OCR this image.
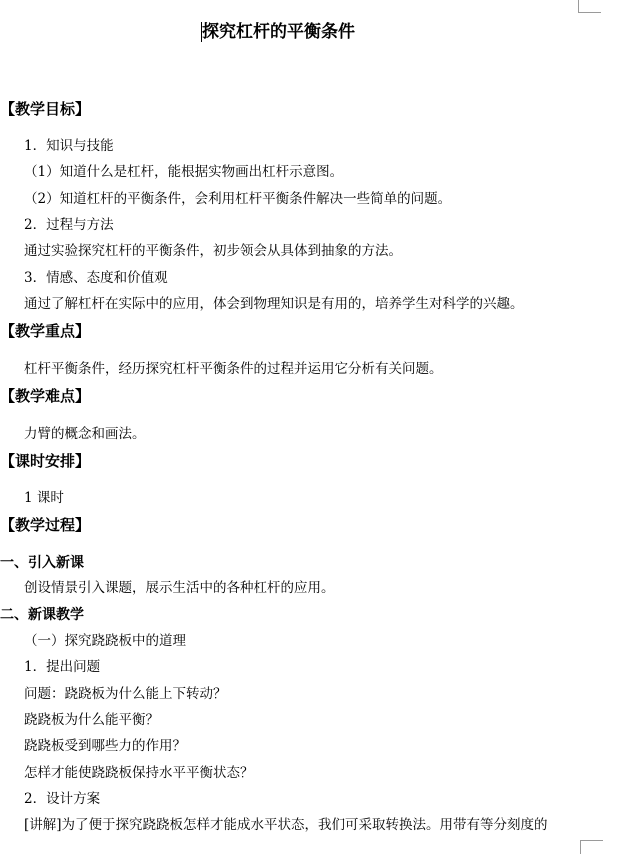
探究杠杆的平衡条件
【教学目标】
1．知识与技能
（1）知道什么是杠杆，能根据实物画出杠杆示意图。
（2）知道杠杆的平衡条件，会利用杠杆平衡条件解决一些简单的问题。
2．过程与方法
通过实验探究杠杆的平衡条件，初步领会从具体到抽象的方法。
3．情感、态度和价值观
通过了解杠杆在实际中的应用，体会到物理知识是有用的，培养学生对科学的兴趣。
【教学重点】
杠杆平衡条件，经历探究杠杆平衡条件的过程并运用它分析有关问题。
【教学难点】
力臂的概念和画法。
【课时安排】
1 课时
【教学过程】
一、引入新课
创设情景引入课题，展示生活中的各种杠杆的应用。
二、新课教学
（一）探究跷跷板中的道理
1．提出问题
问题：跷跷板为什么能上下转动？
跷跷板为什么能平衡？
跷跷板受到哪些力的作用？
怎样才能使跷跷板保持水平平衡状态？
2．设计方案
[讲解]为了便于探究跷跷板怎样才能成水平状态，我们可采取转换法。用带有等分刻度的
